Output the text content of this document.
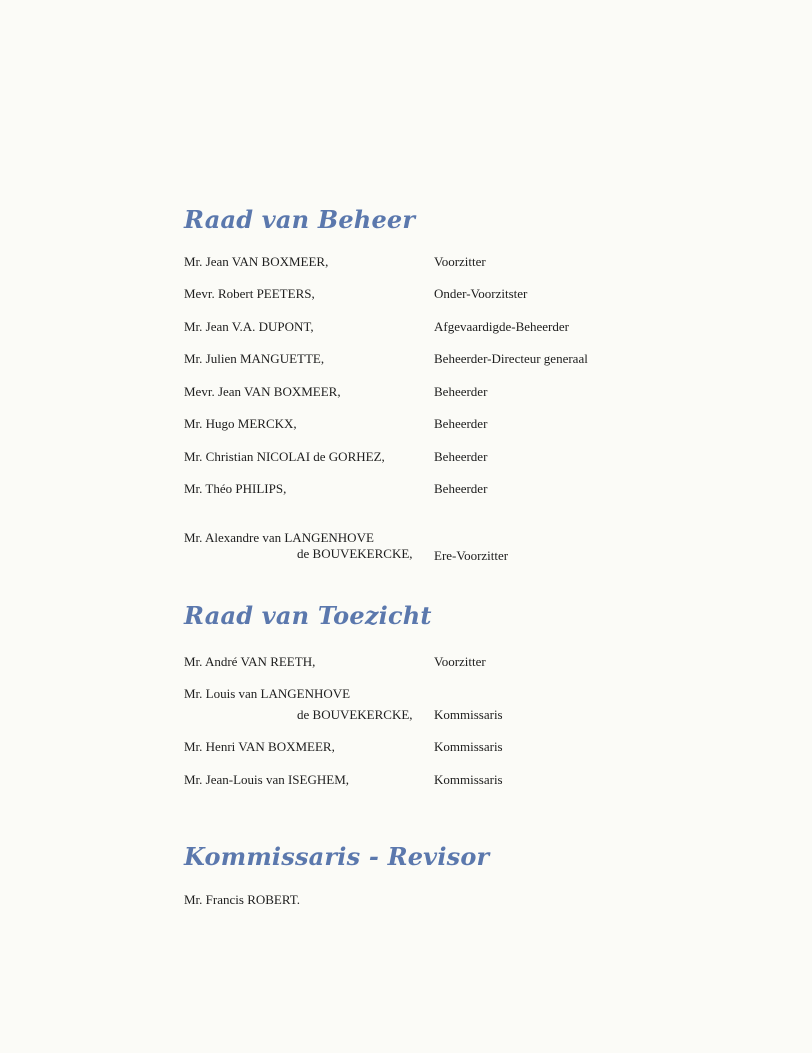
Raad van Beheer
Mr. Jean VAN BOXMEER,	Voorzitter
Mevr. Robert PEETERS,	Onder-Voorzitster
Mr. Jean V.A. DUPONT,	Afgevaardigde-Beheerder
Mr. Julien MANGUETTE,	Beheerder-Directeur generaal
Mevr. Jean VAN BOXMEER,	Beheerder
Mr. Hugo MERCKX,	Beheerder
Mr. Christian NICOLAI de GORHEZ,	Beheerder
Mr. Théo PHILIPS,	Beheerder
Mr. Alexandre van LANGENHOVE
de BOUVEKERCKE, Ere-Voorzitter
Raad van Toezicht
Mr. André VAN REETH,	Voorzitter
Mr. Louis van LANGENHOVE
de BOUVEKERCKE, Kommissaris
Mr. Henri VAN BOXMEER,	Kommissaris
Mr. Jean-Louis van ISEGHEM,	Kommissaris
Kommissaris - Revisor
Mr. Francis ROBERT.
